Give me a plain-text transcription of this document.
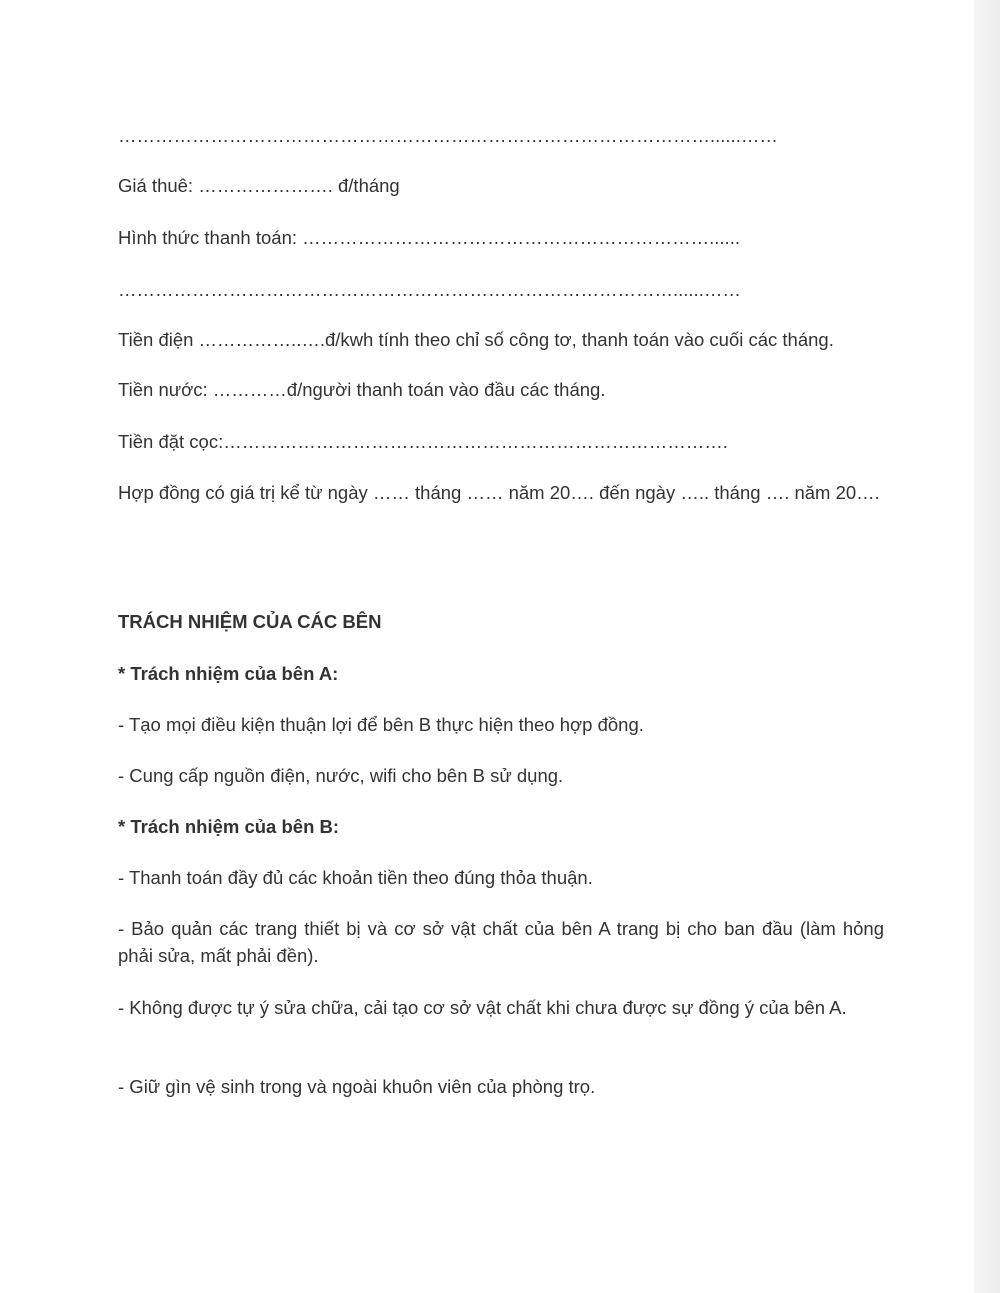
……………………………………………………………………………………......……
Giá thuê: …………………. đ/tháng
Hình thức thanh toán: …………………………………………………………......
………………………………………………………………………………......……
Tiền điện ……………..….đ/kwh tính theo chỉ số công tơ, thanh toán vào cuối các tháng.
Tiền nước: …………đ/người thanh toán vào đầu các tháng.
Tiền đặt cọc:……………………………………………………………………….
Hợp đồng có giá trị kể từ ngày …… tháng …… năm 20…. đến ngày ….. tháng …. năm 20….
TRÁCH NHIỆM CỦA CÁC BÊN
* Trách nhiệm của bên A:
- Tạo mọi điều kiện thuận lợi để bên B thực hiện theo hợp đồng.
- Cung cấp nguồn điện, nước, wifi cho bên B sử dụng.
* Trách nhiệm của bên B:
- Thanh toán đầy đủ các khoản tiền theo đúng thỏa thuận.
- Bảo quản các trang thiết bị và cơ sở vật chất của bên A trang bị cho ban đầu (làm hỏng phải sửa, mất phải đền).
- Không được tự ý sửa chữa, cải tạo cơ sở vật chất khi chưa được sự đồng ý của bên A.
- Giữ gìn vệ sinh trong và ngoài khuôn viên của phòng trọ.
